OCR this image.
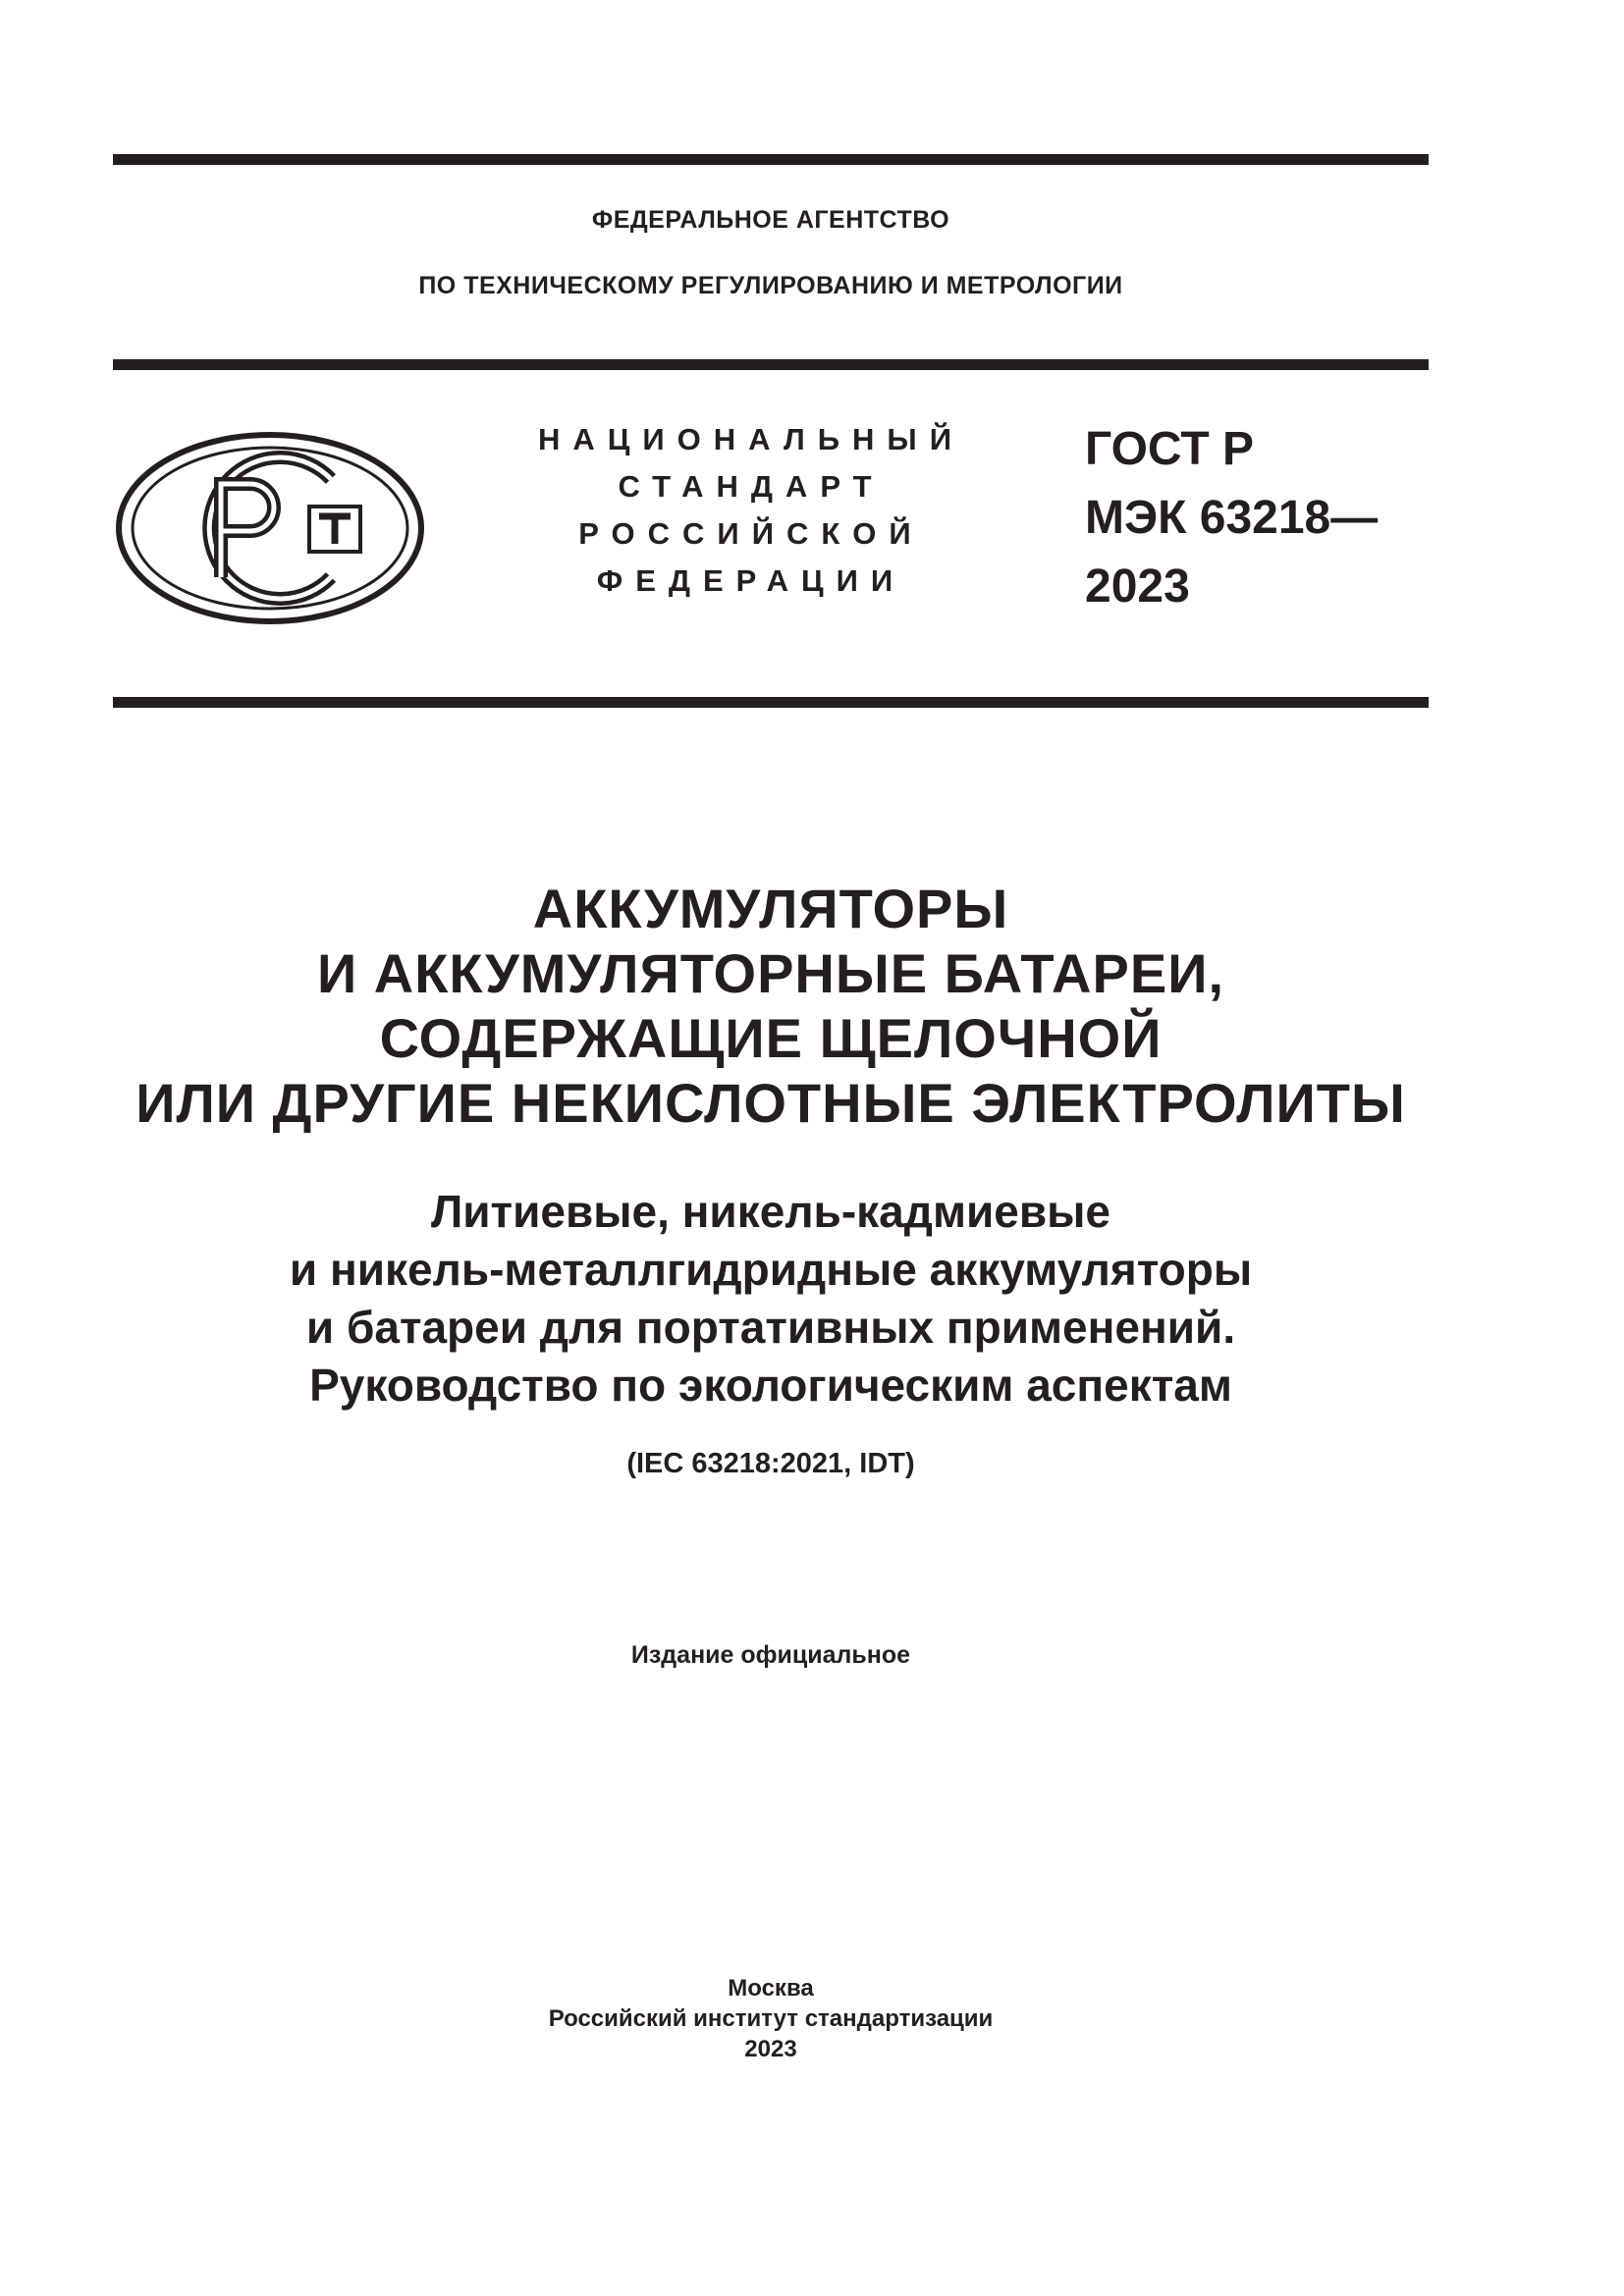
ФЕДЕРАЛЬНОЕ АГЕНТСТВО
ПО ТЕХНИЧЕСКОМУ РЕГУЛИРОВАНИЮ И МЕТРОЛОГИИ
НАЦИОНАЛЬНЫЙ
СТАНДАРТ
РОССИЙСКОЙ
ФЕДЕРАЦИИ
ГОСТ Р
МЭК 63218—
2023
АККУМУЛЯТОРЫ
И АККУМУЛЯТОРНЫЕ БАТАРЕИ,
СОДЕРЖАЩИЕ ЩЕЛОЧНОЙ
ИЛИ ДРУГИЕ НЕКИСЛОТНЫЕ ЭЛЕКТРОЛИТЫ
Литиевые, никель-кадмиевые
и никель-металлгидридные аккумуляторы
и батареи для портативных применений.
Руководство по экологическим аспектам
(IEC 63218:2021, IDT)
Издание официальное
Москва
Российский институт стандартизации
2023
